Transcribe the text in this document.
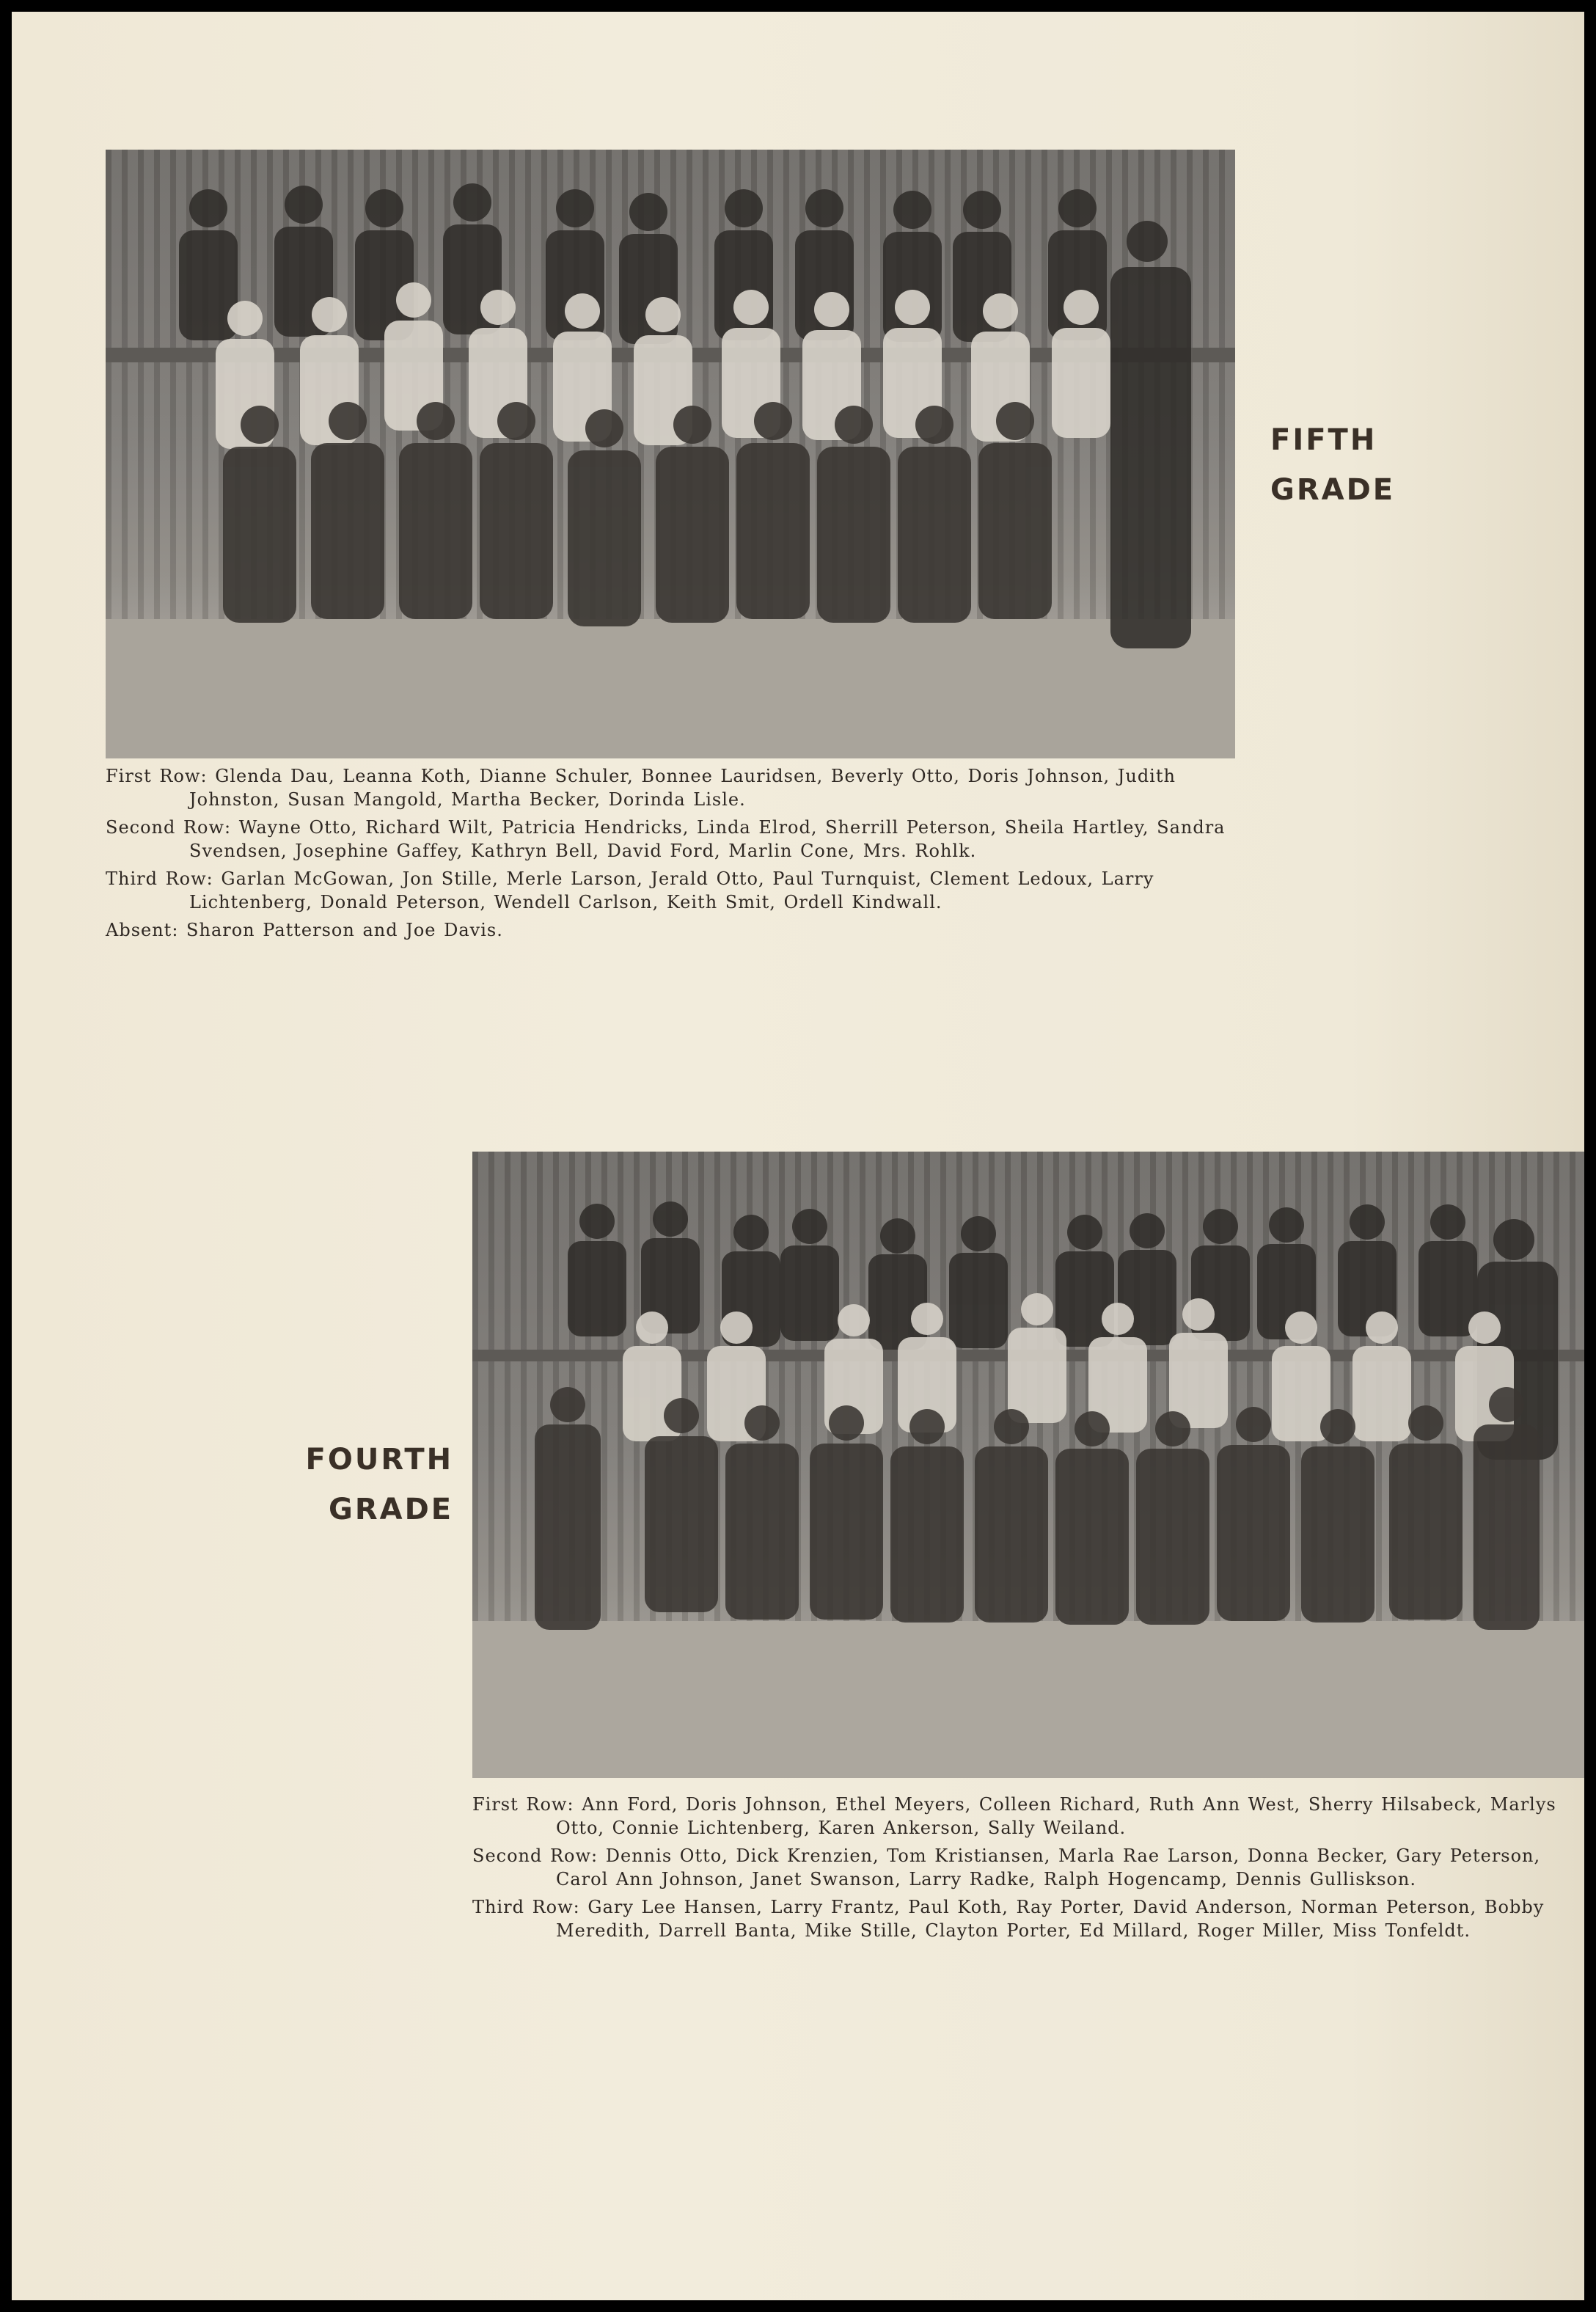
FIFTH
GRADE

First Row: Glenda Dau, Leanna Koth, Dianne Schuler, Bonnee Lauridsen, Beverly Otto, Doris Johnson, Judith Johnston, Susan Mangold, Martha Becker, Dorinda Lisle.

Second Row: Wayne Otto, Richard Wilt, Patricia Hendricks, Linda Elrod, Sherrill Peterson, Sheila Hartley, Sandra Svendsen, Josephine Gaffey, Kathryn Bell, David Ford, Marlin Cone, Mrs. Rohlk.

Third Row: Garlan McGowan, Jon Stille, Merle Larson, Jerald Otto, Paul Turnquist, Clement Ledoux, Larry Lichtenberg, Donald Peterson, Wendell Carlson, Keith Smit, Ordell Kindwall.

Absent: Sharon Patterson and Joe Davis.

FOURTH
GRADE

First Row: Ann Ford, Doris Johnson, Ethel Meyers, Colleen Richard, Ruth Ann West, Sherry Hilsabeck, Marlys Otto, Connie Lichtenberg, Karen Ankerson, Sally Weiland.

Second Row: Dennis Otto, Dick Krenzien, Tom Kristiansen, Marla Rae Larson, Donna Becker, Gary Peterson, Carol Ann Johnson, Janet Swanson, Larry Radke, Ralph Hogencamp, Dennis Gulliskson.

Third Row: Gary Lee Hansen, Larry Frantz, Paul Koth, Ray Porter, David Anderson, Norman Peterson, Bobby Meredith, Darrell Banta, Mike Stille, Clayton Porter, Ed Millard, Roger Miller, Miss Tonfeldt.
